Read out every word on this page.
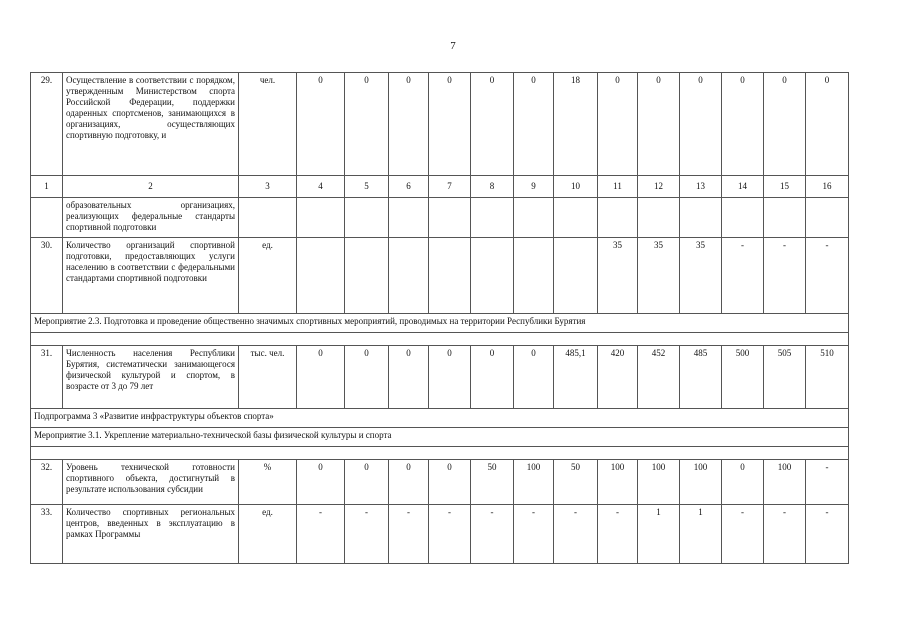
7
29.	Осуществление в соответствии с порядком, утвержденным Министерством спорта Российской Федерации, поддержки одаренных спортсменов, занимающихся в организациях, осуществляющих спортивную подготовку, и	чел.	0	0	0	0	0	0	18	0	0	0	0	0	0
1	2	3	4	5	6	7	8	9	10	11	12	13	14	15	16
	образовательных организациях, реализующих федеральные стандарты спортивной подготовки														
30.	Количество организаций спортивной подготовки, предоставляющих услуги населению в соответствии с федеральными стандартами спортивной подготовки	ед.								35	35	35	-	-	-
Мероприятие 2.3. Подготовка и проведение общественно значимых спортивных мероприятий, проводимых на территории Республики Бурятия															

31.	Численность населения Республики Бурятия, систематически занимающегося физической культурой и спортом, в возрасте от 3 до 79 лет	тыс. чел.	0	0	0	0	0	0	485,1	420	452	485	500	505	510
Подпрограмма 3 «Развитие инфраструктуры объектов спорта»															
Мероприятие 3.1. Укрепление материально-технической базы физической культуры и спорта															

32.	Уровень технической готовности спортивного объекта, достигнутый в результате использования субсидии	%	0	0	0	0	50	100	50	100	100	100	0	100	-
33.	Количество спортивных региональных центров, введенных в эксплуатацию в рамках Программы	ед.	-	-	-	-	-	-	-	-	1	1	-	-	-
